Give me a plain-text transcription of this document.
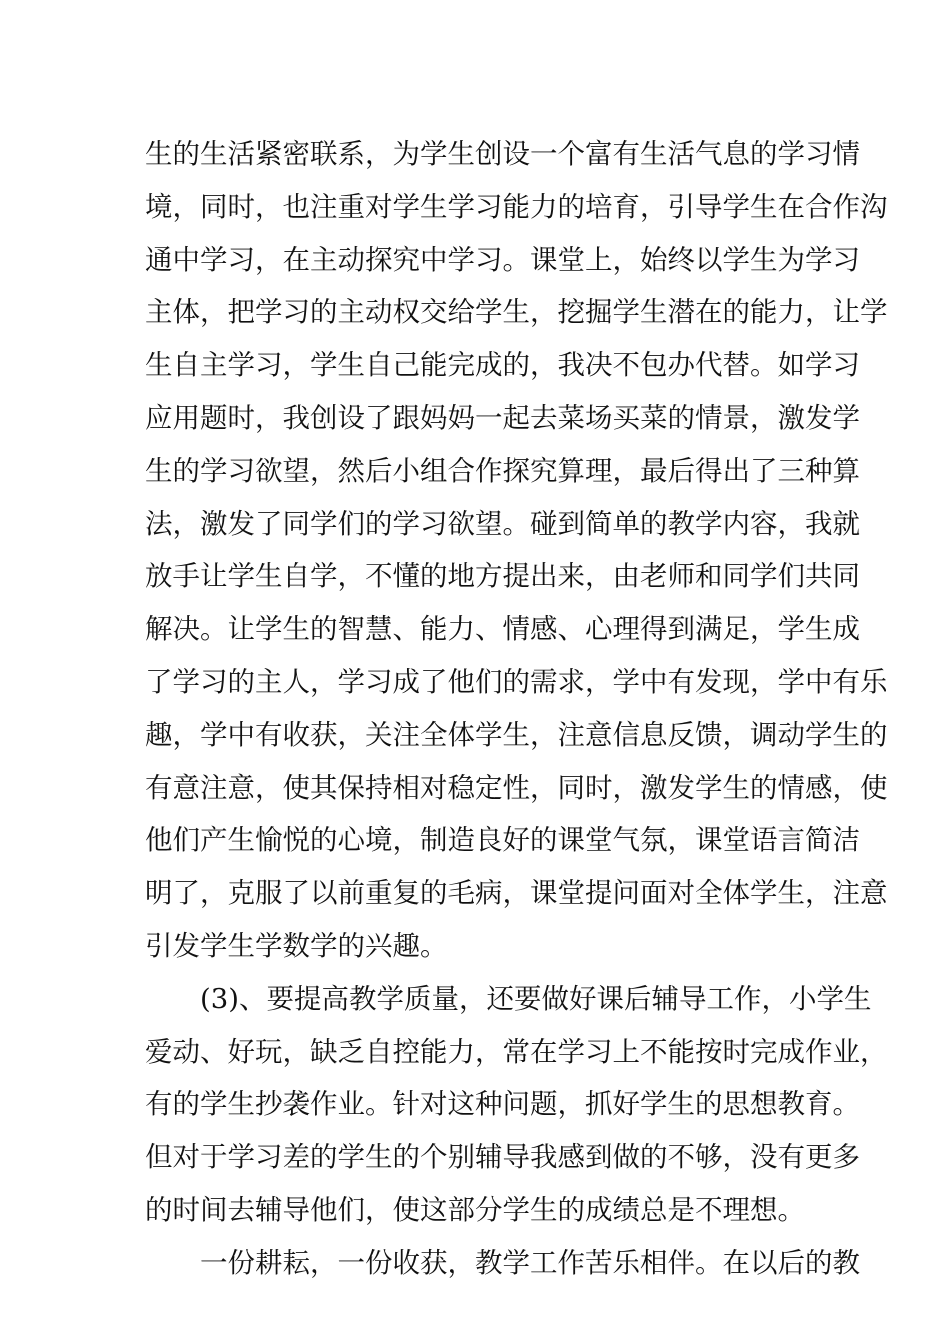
生的生活紧密联系，为学生创设一个富有生活气息的学习情
境，同时，也注重对学生学习能力的培育，引导学生在合作沟
通中学习，在主动探究中学习。课堂上，始终以学生为学习
主体，把学习的主动权交给学生，挖掘学生潜在的能力，让学
生自主学习，学生自己能完成的，我决不包办代替。如学习
应用题时，我创设了跟妈妈一起去菜场买菜的情景，激发学
生的学习欲望，然后小组合作探究算理，最后得出了三种算
法，激发了同学们的学习欲望。碰到简单的教学内容，我就
放手让学生自学，不懂的地方提出来，由老师和同学们共同
解决。让学生的智慧、能力、情感、心理得到满足，学生成
了学习的主人，学习成了他们的需求，学中有发现，学中有乐
趣，学中有收获，关注全体学生，注意信息反馈，调动学生的
有意注意，使其保持相对稳定性，同时，激发学生的情感，使
他们产生愉悦的心境，制造良好的课堂气氛，课堂语言简洁
明了，克服了以前重复的毛病，课堂提问面对全体学生，注意
引发学生学数学的兴趣。
(3)、要提高教学质量，还要做好课后辅导工作，小学生
爱动、好玩，缺乏自控能力，常在学习上不能按时完成作业，
有的学生抄袭作业。针对这种问题，抓好学生的思想教育。
但对于学习差的学生的个别辅导我感到做的不够，没有更多
的时间去辅导他们，使这部分学生的成绩总是不理想。
一份耕耘，一份收获，教学工作苦乐相伴。在以后的教
